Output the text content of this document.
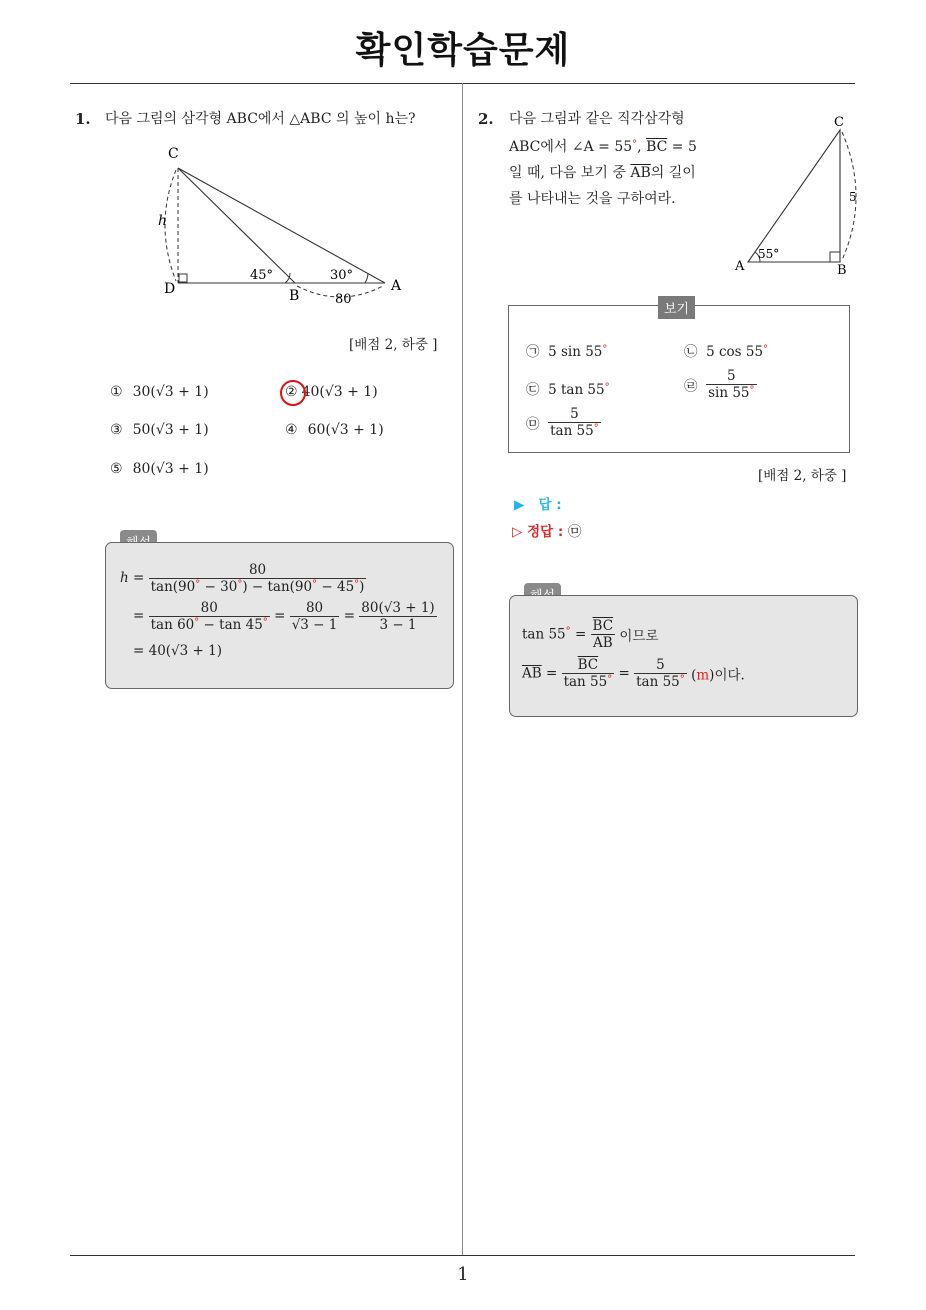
확인학습문제
1
1. 다음 그림의 삼각형 ABC에서 △ABC 의 높이 h는?
C
D	B
A
h
45°	30°
80
[배점 2, 하중 ]
① 30(√3 + 1)	② 40(√3 + 1)
③ 50(√3 + 1)	④ 60(√3 + 1)
⑤ 80(√3 + 1)
$h = \frac{80}{\tan(90^\circ - 30^\circ) - \tan(90^\circ - 45^\circ)}$
= $\frac{80}{\tan 60^\circ - \tan 45^\circ} = \frac{80}{√3 - 1} = \frac{80(√3 + 1)}{3 - 1}$
= 40(√3 + 1)
2. 다음 그림과 같은 직각삼각형
ABC에서 ∠A = 55°, $\overline{BC} = 5$
일 때, 다음 보기 중 $\overline{AB}$의 길이
를 나타내는 것을 구하여라.
C
A	B
5
55°
보기
㉠ 5 sin 55°	㉡ 5 cos 55°
㉢ 5 tan 55°	㉣ $\frac{5}{\sin 55^\circ}$
㉤ $\frac{5}{\tan 55^\circ}$
[배점 2, 하중 ]
▶ 답 :
▷ 정답 : ㉤
$\tan 55^\circ = \frac{\overline{BC}}{AB}$ 이므로
$\overline{AB} = \frac{\overline{BC}}{\tan 55^\circ} = \frac{5}{\tan 55^\circ} (m)$이다.
